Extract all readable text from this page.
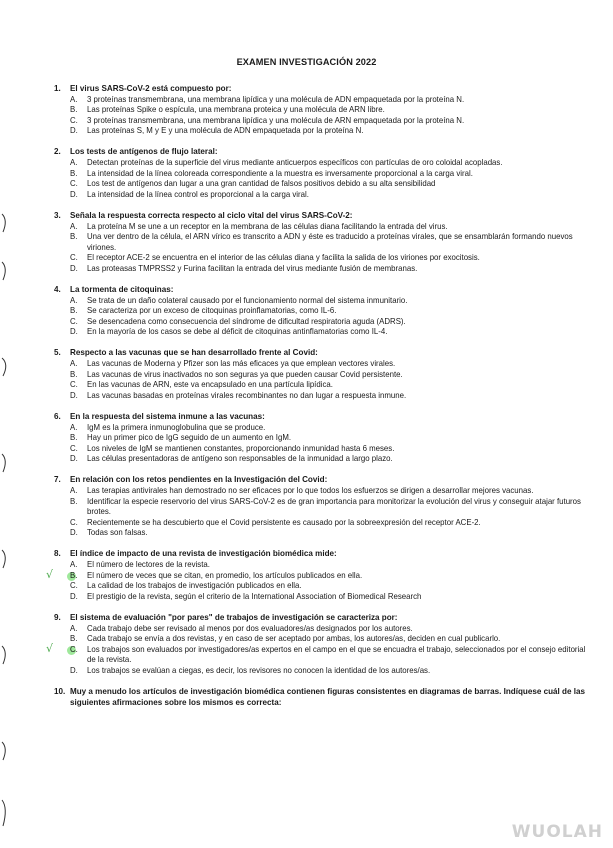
EXAMEN INVESTIGACIÓN 2022
1.	El virus SARS-CoV-2 está compuesto por:
A.	3 proteínas transmembrana, una membrana lipídica y una molécula de ADN empaquetada por la proteína N.
B.	Las proteínas Spike o espícula, una membrana proteica y una molécula de ARN libre.
C.	3 proteínas transmembrana, una membrana lipídica y una molécula de ARN empaquetada por la proteína N.
D.	Las proteínas S, M y E y una molécula de ADN empaquetada por la proteína N.
2.	Los tests de antígenos de flujo lateral:
A.	Detectan proteínas de la superficie del virus mediante anticuerpos específicos con partículas de oro coloidal acopladas.
B.	La intensidad de la línea coloreada correspondiente a la muestra es inversamente proporcional a la carga viral.
C.	Los test de antígenos dan lugar a una gran cantidad de falsos positivos debido a su alta sensibilidad
D.	La intensidad de la línea control es proporcional a la carga viral.
3.	Señala la respuesta correcta respecto al ciclo vital del virus SARS-CoV-2:
A.	La proteína M se une a un receptor en la membrana de las células diana facilitando la entrada del virus.
B.	Una ver dentro de la célula, el ARN vírico es transcrito a ADN y éste es traducido a proteínas virales, que se ensamblarán formando nuevos viriones.
C.	El receptor ACE-2 se encuentra en el interior de las células diana y facilita la salida de los viriones por exocitosis.
D.	Las proteasas TMPRSS2 y Furina facilitan la entrada del virus mediante fusión de membranas.
4.	La tormenta de citoquinas:
A.	Se trata de un daño colateral causado por el funcionamiento normal del sistema inmunitario.
B.	Se caracteriza por un exceso de citoquinas proinflamatorias, como IL-6.
C.	Se desencadena como consecuencia del síndrome de dificultad respiratoria aguda (ADRS).
D.	En la mayoría de los casos se debe al déficit de citoquinas antinflamatorias como IL-4.
5.	Respecto a las vacunas que se han desarrollado frente al Covid:
A.	Las vacunas de Moderna y Pfizer son las más eficaces ya que emplean vectores virales.
B.	Las vacunas de virus inactivados no son seguras ya que pueden causar Covid persistente.
C.	En las vacunas de ARN, este va encapsulado en una partícula lipídica.
D.	Las vacunas basadas en proteínas virales recombinantes no dan lugar a respuesta inmune.
6.	En la respuesta del sistema inmune a las vacunas:
A.	IgM es la primera inmunoglobulina que se produce.
B.	Hay un primer pico de IgG seguido de un aumento en IgM.
C.	Los niveles de IgM se mantienen constantes, proporcionando inmunidad hasta 6 meses.
D.	Las células presentadoras de antígeno son responsables de la inmunidad a largo plazo.
7.	En relación con los retos pendientes en la Investigación del Covid:
A.	Las terapias antivirales han demostrado no ser eficaces por lo que todos los esfuerzos se dirigen a desarrollar mejores vacunas.
B.	Identificar la especie reservorio del virus SARS-CoV-2 es de gran importancia para monitorizar la evolución del virus y conseguir atajar futuros brotes.
C.	Recientemente se ha descubierto que el Covid persistente es causado por la sobreexpresión del receptor ACE-2.
D.	Todas son falsas.
8.	El índice de impacto de una revista de investigación biomédica mide:
A.	El número de lectores de la revista.
√ B.	El número de veces que se citan, en promedio, los artículos publicados en ella.
C.	La calidad de los trabajos de investigación publicados en ella.
D.	El prestigio de la revista, según el criterio de la International Association of Biomedical Research
9.	El sistema de evaluación "por pares" de trabajos de investigación se caracteriza por:
A.	Cada trabajo debe ser revisado al menos por dos evaluadores/as designados por los autores.
B.	Cada trabajo se envía a dos revistas, y en caso de ser aceptado por ambas, los autores/as, deciden en cual publicarlo.
√ C.	Los trabajos son evaluados por investigadores/as expertos en el campo en el que se encuadra el trabajo, seleccionados por el consejo editorial de la revista.
D.	Los trabajos se evalúan a ciegas, es decir, los revisores no conocen la identidad de los autores/as.
10. Muy a menudo los artículos de investigación biomédica contienen figuras consistentes en diagramas de barras. Indíquese cuál de las siguientes afirmaciones sobre los mismos es correcta:
WUOLAH
